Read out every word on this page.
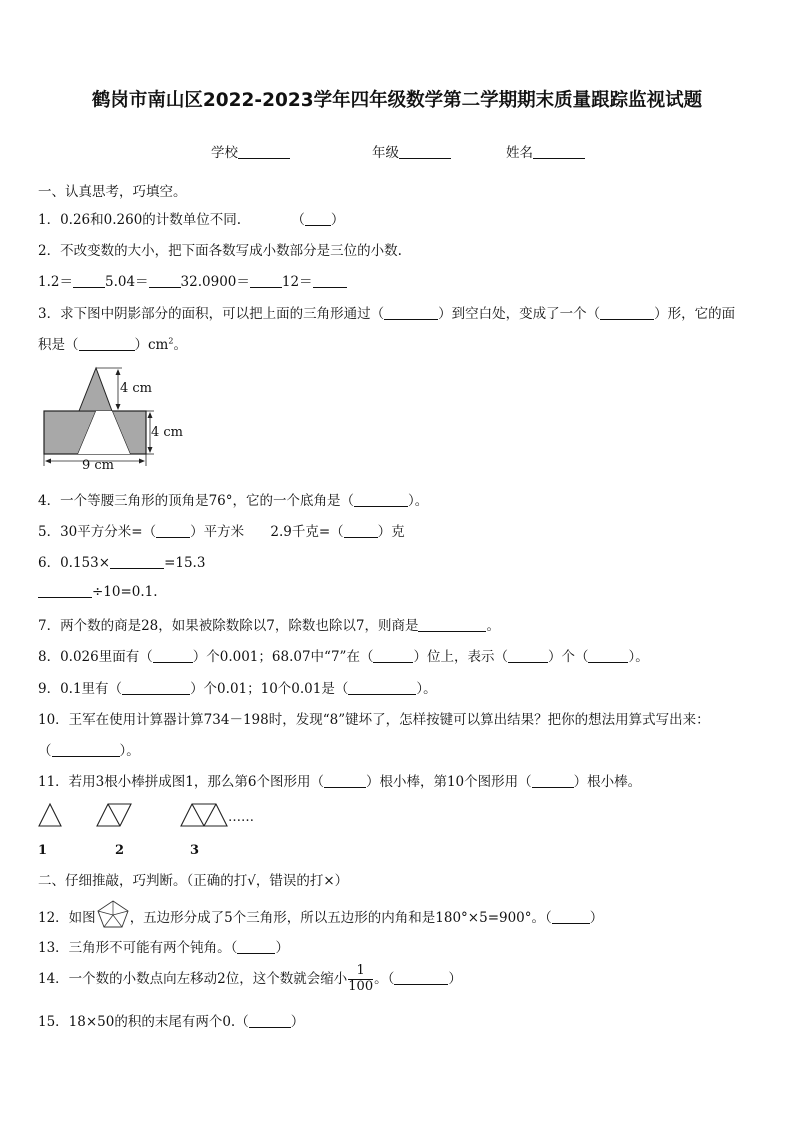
鹤岗市南山区2022-2023学年四年级数学第二学期期末质量跟踪监视试题
学校	年级	姓名
一、认真思考，巧填空。
1．0.26和0.260的计数单位不同.	（ ）
2．不改变数的大小，把下面各数写成小数部分是三位的小数.
1.2＝ 5.04＝ 32.0900＝ 12＝
3．求下图中阴影部分的面积，可以把上面的三角形通过（	）到空白处，变成了一个（	）形，它的面
积是（	）$cm^2$。
4 cm
4 cm
9 cm
4．一个等腰三角形的顶角是76°，它的一个底角是（	）。
5．30平方分米=（	）平方米 2.9千克=（	）克
6．0.153×	=15.3
÷10=0.1.
7．两个数的商是28，如果被除数除以7，除数也除以7，则商是	。
8．0.026里面有（	）个0.001；68.07中“7”在（	）位上，表示（	）个（	）。
9．0.1里有（	）个0.01；10个0.01是（	）。
10．王军在使用计算器计算734－198时，发现“8”键坏了，怎样按键可以算出结果？把你的想法用算式写出来：
（	）。
11．若用3根小棒拼成图1，那么第6个图形用（	）根小棒，第10个图形用（	）根小棒。
……
1	2	3
二、仔细推敲，巧判断。（正确的打√，错误的打×）
12．如图	，五边形分成了5个三角形，所以五边形的内角和是180°×5=900°。（	）
13．三角形不可能有两个钝角。（	）
14．一个数的小数点向左移动2位，这个数就会缩小 $\frac{1}{100}$ 。（	）
15．18×50的积的末尾有两个0.（	）
